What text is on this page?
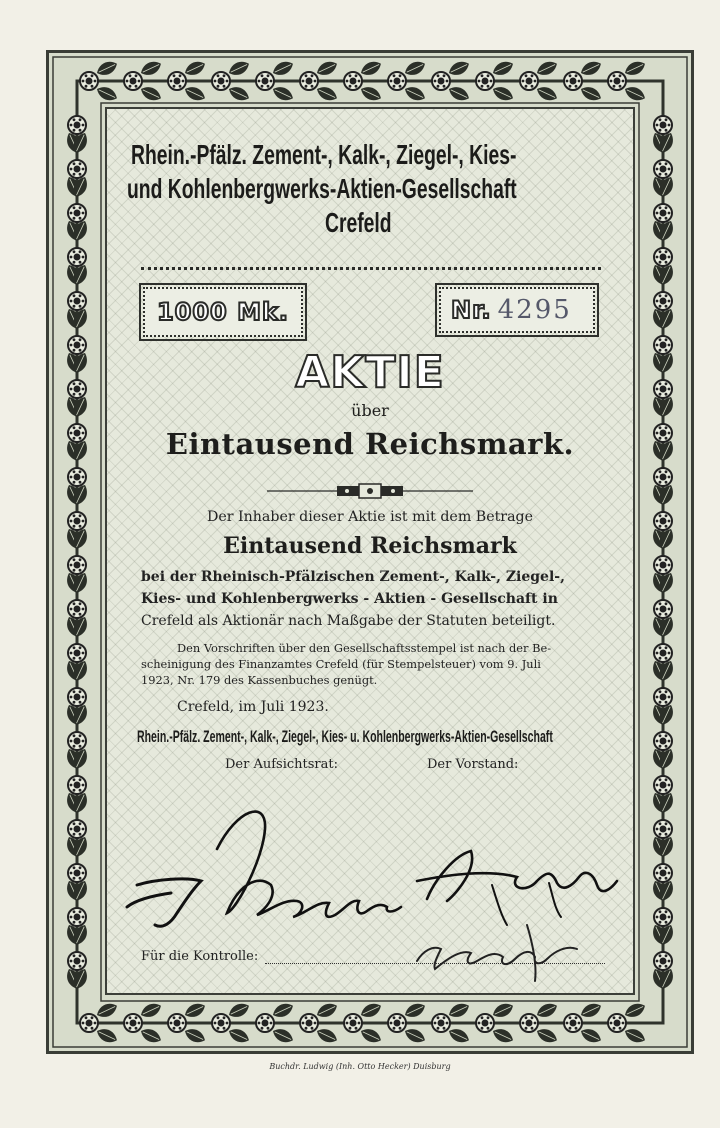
Rhein.-Pfälz. Zement-, Kalk-, Ziegel-, Kies-
und Kohlenbergwerks-Aktien-Gesellschaft
Crefeld
1000 Mk.	Nr. 4295
AKTIE
über
Eintausend Reichsmark.
Der Inhaber dieser Aktie ist mit dem Betrage
Eintausend Reichsmark
bei der Rheinisch-Pfälzischen Zement-, Kalk-, Ziegel-,
Kies- und Kohlenbergwerks - Aktien - Gesellschaft in
Crefeld als Aktionär nach Maßgabe der Statuten beteiligt.
Den Vorschriften über den Gesellschaftsstempel ist nach der Be-
scheinigung des Finanzamtes Crefeld (für Stempelsteuer) vom 9. Juli
1923, Nr. 179 des Kassenbuches genügt.
Crefeld, im Juli 1923.
Rhein.-Pfälz. Zement-, Kalk-, Ziegel-, Kies- u. Kohlenbergwerks-Aktien-Gesellschaft
Der Aufsichtsrat:	Der Vorstand:
Für die Kontrolle:
Buchdr. Ludwig (Inh. Otto Hecker) Duisburg
